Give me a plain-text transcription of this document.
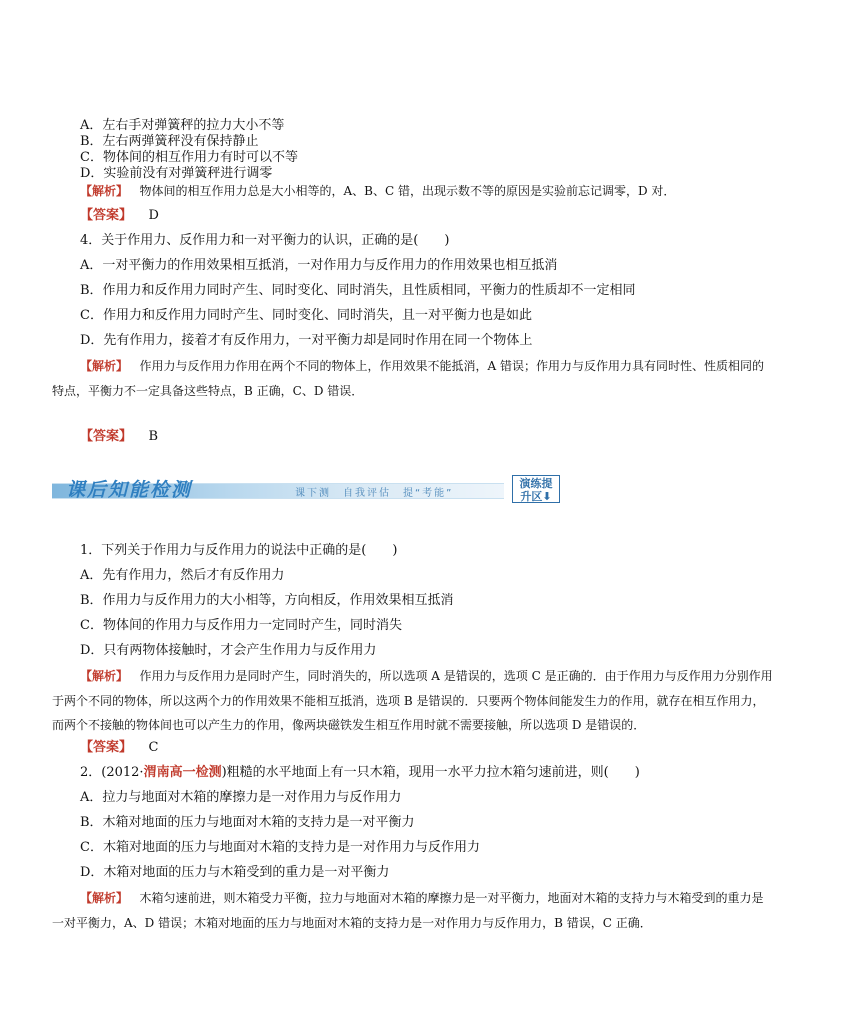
A．左右手对弹簧秤的拉力大小不等
B．左右两弹簧秤没有保持静止
C．物体间的相互作用力有时可以不等
D．实验前没有对弹簧秤进行调零
【解析】 物体间的相互作用力总是大小相等的，A、B、C 错，出现示数不等的原因是实验前忘记调零，D 对．
【答案】 D
4．关于作用力、反作用力和一对平衡力的认识，正确的是(　　)
A．一对平衡力的作用效果相互抵消，一对作用力与反作用力的作用效果也相互抵消
B．作用力和反作用力同时产生、同时变化、同时消失，且性质相同，平衡力的性质却不一定相同
C．作用力和反作用力同时产生、同时变化、同时消失，且一对平衡力也是如此
D．先有作用力，接着才有反作用力，一对平衡力却是同时作用在同一个物体上
【解析】 作用力与反作用力作用在两个不同的物体上，作用效果不能抵消，A 错误；作用力与反作用力具有同时性、性质相同的
特点，平衡力不一定具备这些特点，B 正确，C、D 错误．
【答案】 B
课后知能检测	课下测　自我评估　提“考能”
演练提
升区⬇
1．下列关于作用力与反作用力的说法中正确的是(　　)
A．先有作用力，然后才有反作用力
B．作用力与反作用力的大小相等，方向相反，作用效果相互抵消
C．物体间的作用力与反作用力一定同时产生，同时消失
D．只有两物体接触时，才会产生作用力与反作用力
【解析】 作用力与反作用力是同时产生，同时消失的，所以选项 A 是错误的，选项 C 是正确的．由于作用力与反作用力分别作用
于两个不同的物体，所以这两个力的作用效果不能相互抵消，选项 B 是错误的．只要两个物体间能发生力的作用，就存在相互作用力，
而两个不接触的物体间也可以产生力的作用，像两块磁铁发生相互作用时就不需要接触，所以选项 D 是错误的．
【答案】 C
2．(2012·渭南高一检测)粗糙的水平地面上有一只木箱，现用一水平力拉木箱匀速前进，则(　　)
A．拉力与地面对木箱的摩擦力是一对作用力与反作用力
B．木箱对地面的压力与地面对木箱的支持力是一对平衡力
C．木箱对地面的压力与地面对木箱的支持力是一对作用力与反作用力
D．木箱对地面的压力与木箱受到的重力是一对平衡力
【解析】 木箱匀速前进，则木箱受力平衡，拉力与地面对木箱的摩擦力是一对平衡力，地面对木箱的支持力与木箱受到的重力是
一对平衡力，A、D 错误；木箱对地面的压力与地面对木箱的支持力是一对作用力与反作用力，B 错误，C 正确．
